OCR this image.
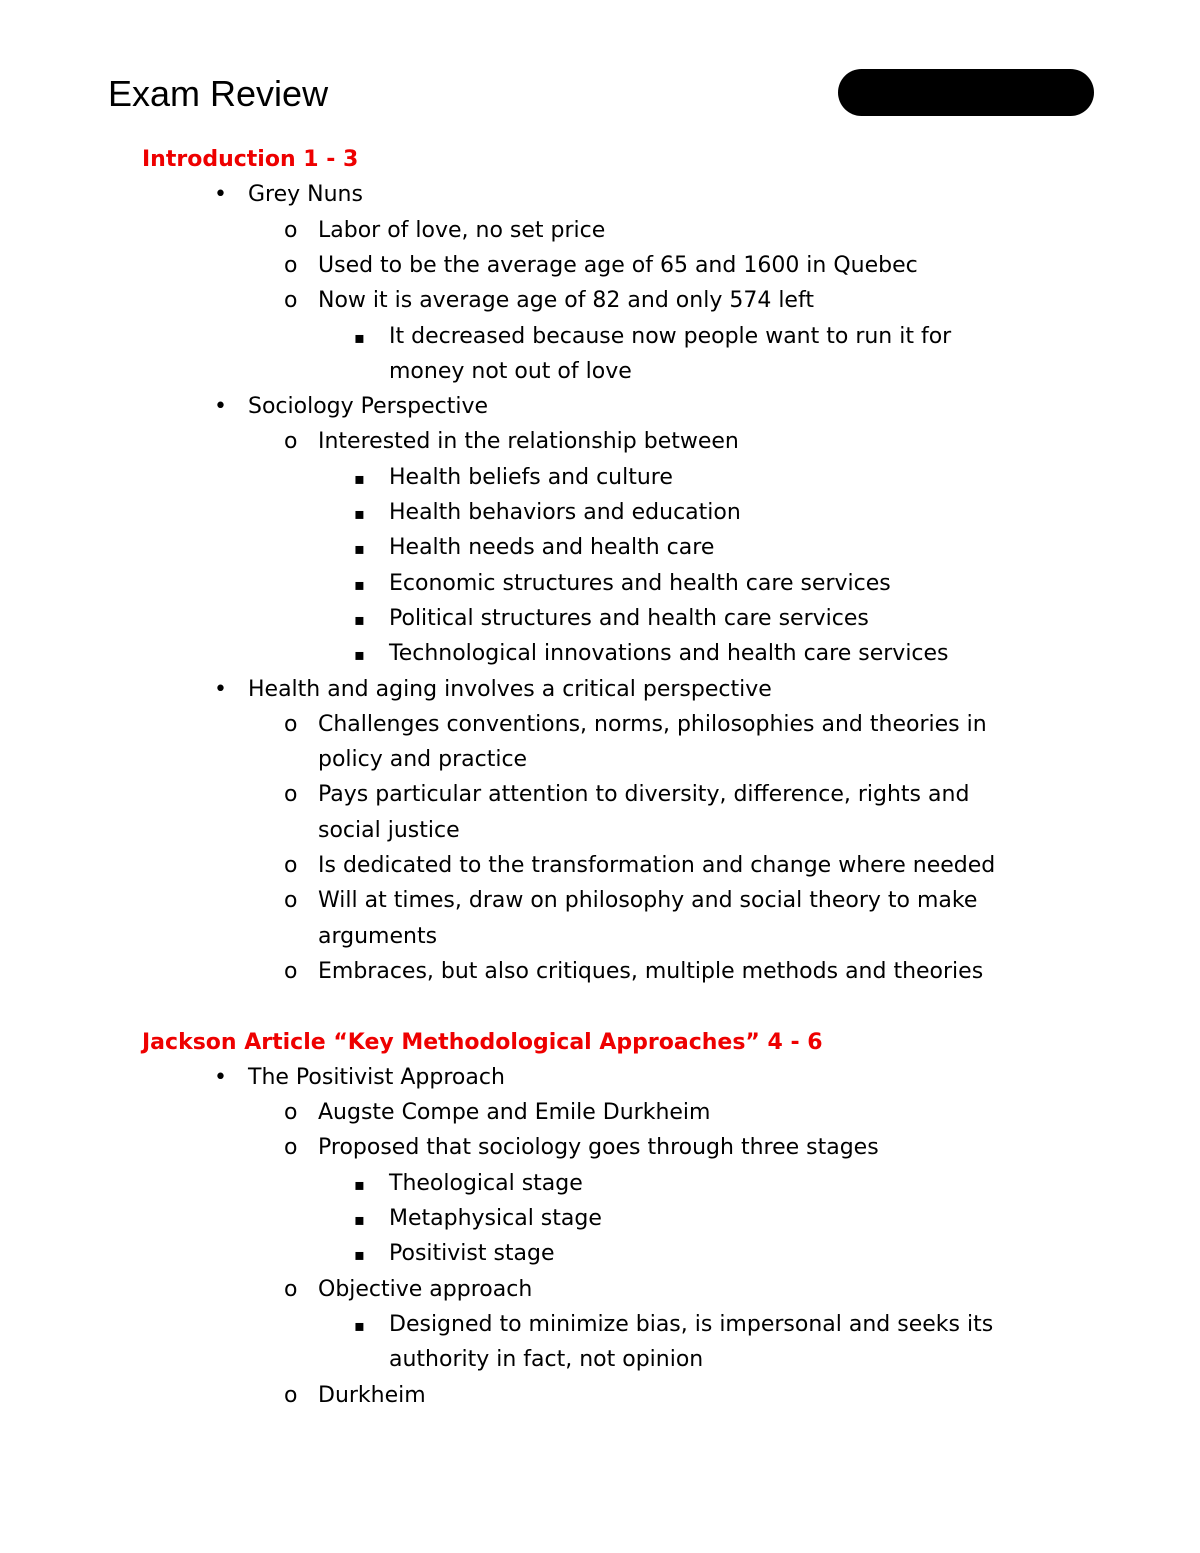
Exam Review
Introduction 1 - 3
• Grey Nuns
o Labor of love, no set price
o Used to be the average age of 65 and 1600 in Quebec
o Now it is average age of 82 and only 574 left
▪	It decreased because now people want to run it for
money not out of love
• Sociology Perspective
o Interested in the relationship between
▪	Health beliefs and culture
▪	Health behaviors and education
▪	Health needs and health care
▪	Economic structures and health care services
▪	Political structures and health care services
▪	Technological innovations and health care services
• Health and aging involves a critical perspective
o Challenges conventions, norms, philosophies and theories in
policy and practice
o Pays particular attention to diversity, difference, rights and
social justice
o Is dedicated to the transformation and change where needed
o Will at times, draw on philosophy and social theory to make
arguments
o Embraces, but also critiques, multiple methods and theories
Jackson Article “Key Methodological Approaches” 4 - 6
• The Positivist Approach
o Augste Compe and Emile Durkheim
o Proposed that sociology goes through three stages
▪	Theological stage
▪	Metaphysical stage
▪	Positivist stage
o Objective approach
▪	Designed to minimize bias, is impersonal and seeks its
authority in fact, not opinion
o Durkheim
